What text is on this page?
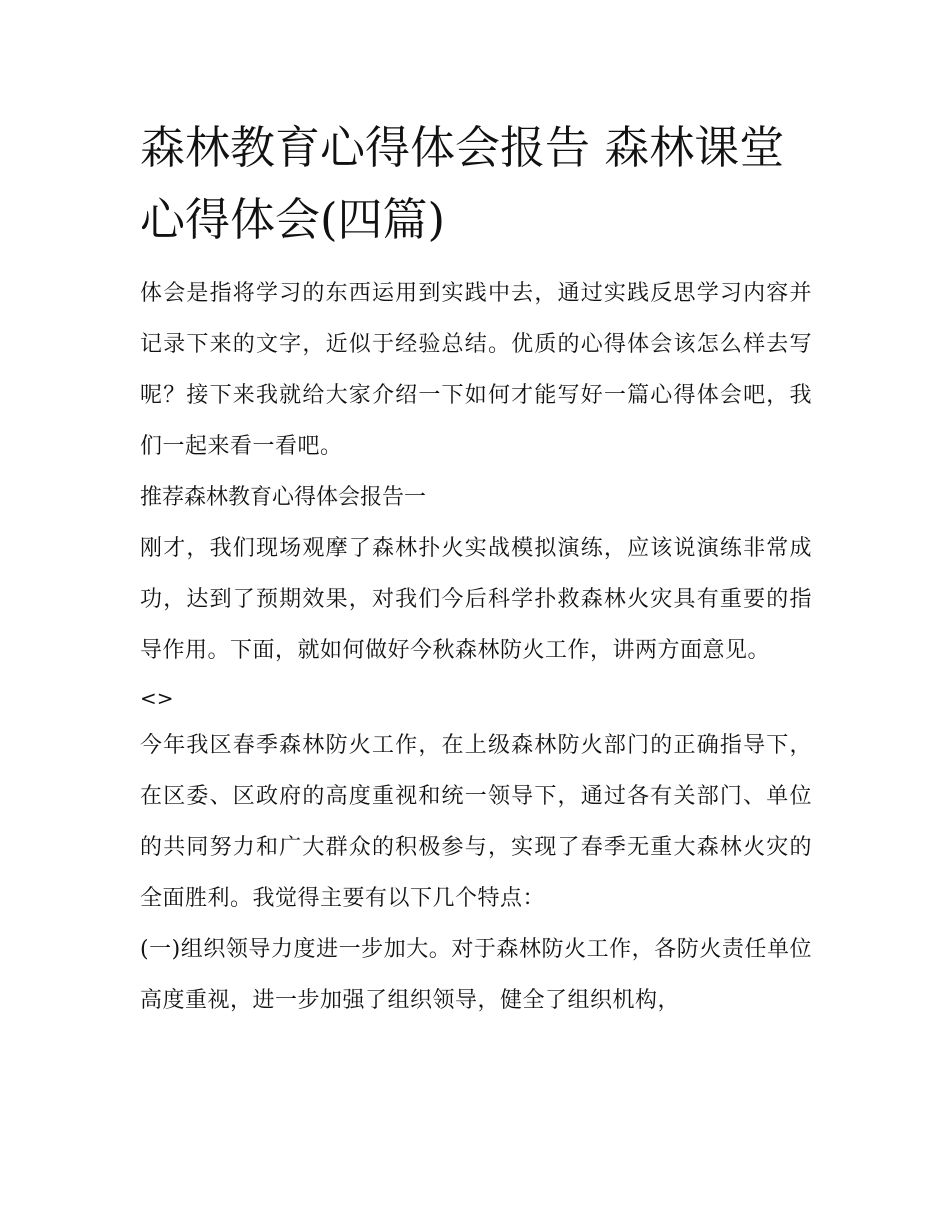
森林教育心得体会报告 森林课堂心得体会(四篇)

体会是指将学习的东西运用到实践中去，通过实践反思学习内容并记录下来的文字，近似于经验总结。优质的心得体会该怎么样去写呢？接下来我就给大家介绍一下如何才能写好一篇心得体会吧，我们一起来看一看吧。

推荐森林教育心得体会报告一

刚才，我们现场观摩了森林扑火实战模拟演练，应该说演练非常成功，达到了预期效果，对我们今后科学扑救森林火灾具有重要的指导作用。下面，就如何做好今秋森林防火工作，讲两方面意见。

<>

今年我区春季森林防火工作，在上级森林防火部门的正确指导下，在区委、区政府的高度重视和统一领导下，通过各有关部门、单位的共同努力和广大群众的积极参与，实现了春季无重大森林火灾的全面胜利。我觉得主要有以下几个特点：

(一)组织领导力度进一步加大。对于森林防火工作，各防火责任单位高度重视，进一步加强了组织领导，健全了组织机构，
